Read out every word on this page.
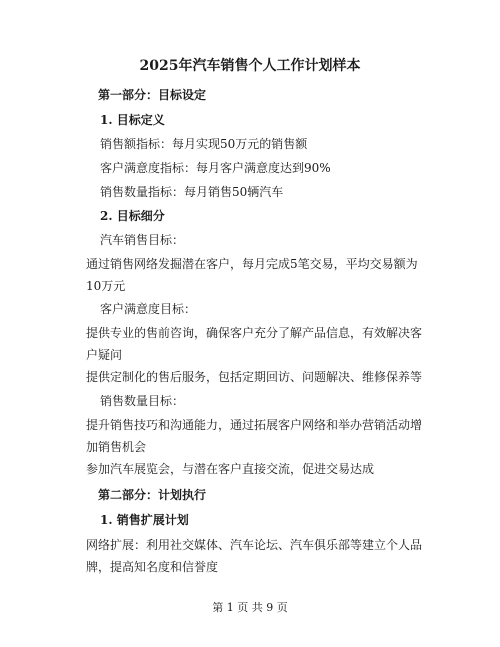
2025年汽车销售个人工作计划样本
第一部分：目标设定
1. 目标定义
销售额指标：每月实现50万元的销售额
客户满意度指标：每月客户满意度达到90%
销售数量指标：每月销售50辆汽车
2. 目标细分
汽车销售目标：
通过销售网络发掘潜在客户，每月完成5笔交易，平均交易额为10万元
客户满意度目标：
提供专业的售前咨询，确保客户充分了解产品信息，有效解决客户疑问
提供定制化的售后服务，包括定期回访、问题解决、维修保养等
销售数量目标：
提升销售技巧和沟通能力，通过拓展客户网络和举办营销活动增加销售机会
参加汽车展览会，与潜在客户直接交流，促进交易达成
第二部分：计划执行
1. 销售扩展计划
网络扩展：利用社交媒体、汽车论坛、汽车俱乐部等建立个人品牌，提高知名度和信誉度
第 1 页 共 9 页
